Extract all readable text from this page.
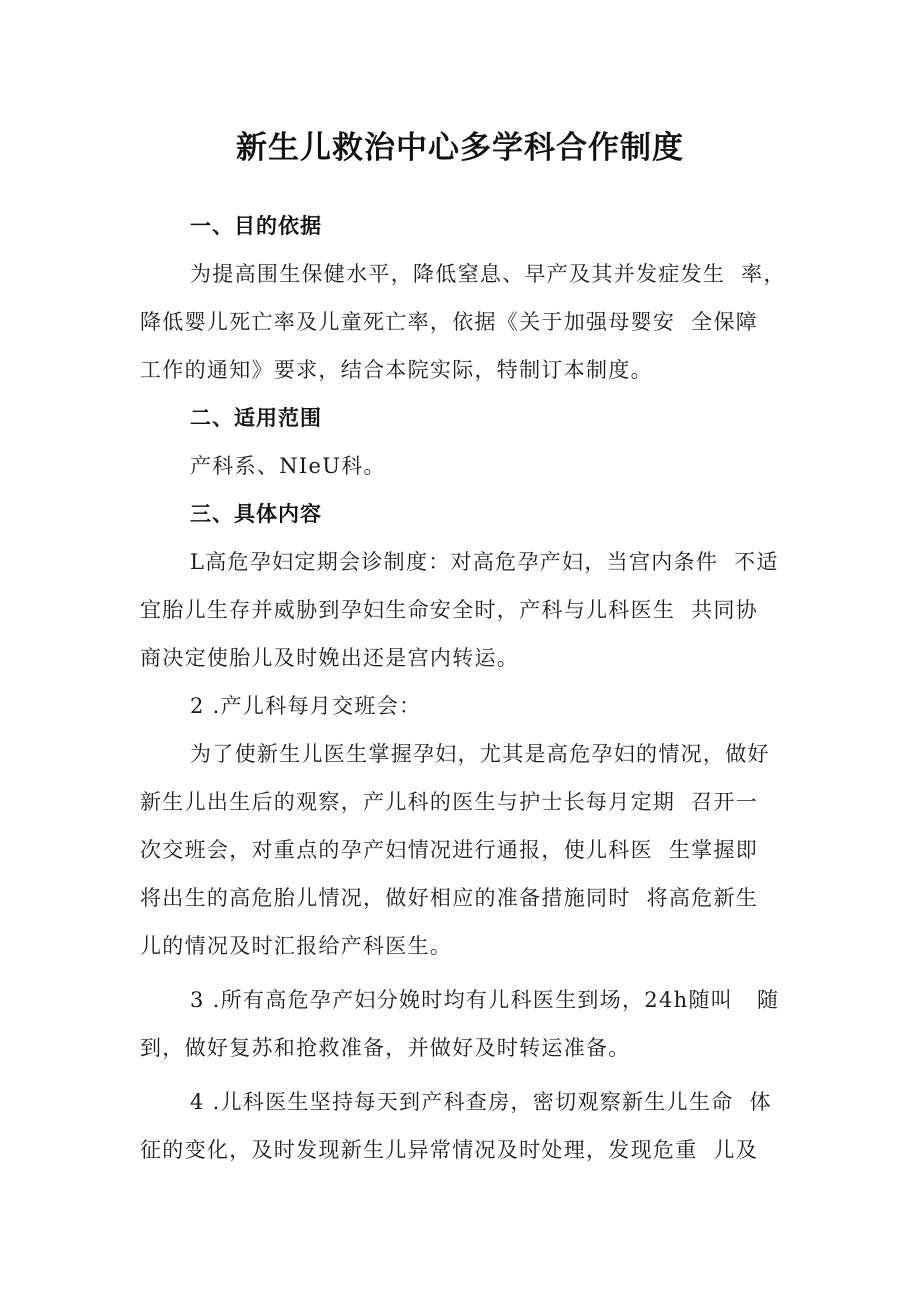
新生儿救治中心多学科合作制度
一、目的依据
为提高围生保健水平，降低窒息、早产及其并发症发生  率，
降低婴儿死亡率及儿童死亡率，依据《关于加强母婴安  全保障
工作的通知》要求，结合本院实际，特制订本制度。
二、适用范围
产科系、NIeU科。
三、具体内容
L高危孕妇定期会诊制度：对高危孕产妇，当宫内条件  不适
宜胎儿生存并威胁到孕妇生命安全时，产科与儿科医生  共同协
商决定使胎儿及时娩出还是宫内转运。
2 .产儿科每月交班会：
为了使新生儿医生掌握孕妇，尤其是高危孕妇的情况，做好
新生儿出生后的观察，产儿科的医生与护士长每月定期  召开一
次交班会，对重点的孕产妇情况进行通报，使儿科医  生掌握即
将出生的高危胎儿情况，做好相应的准备措施同时  将高危新生
儿的情况及时汇报给产科医生。
3 .所有高危孕产妇分娩时均有儿科医生到场，24h随叫   随
到，做好复苏和抢救准备，并做好及时转运准备。
4 .儿科医生坚持每天到产科查房，密切观察新生儿生命  体
征的变化，及时发现新生儿异常情况及时处理，发现危重  儿及
